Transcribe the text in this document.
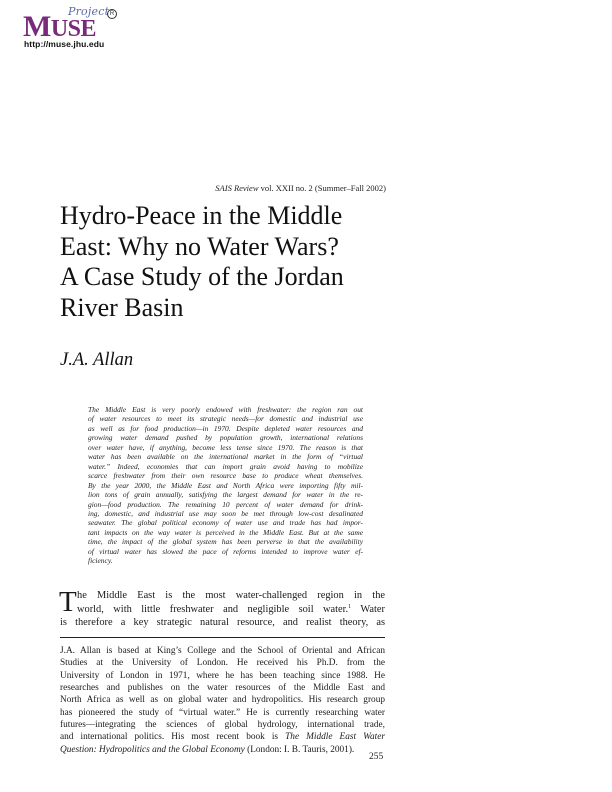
Project
MUSE
R
http://muse.jhu.edu
SAIS Review vol. XXII no. 2 (Summer–Fall 2002)
Hydro-Peace in the Middle
East: Why no Water Wars?
A Case Study of the Jordan
River Basin
J.A. Allan
The Middle East is very poorly endowed with freshwater: the region ran out
of water resources to meet its strategic needs—for domestic and industrial use
as well as for food production—in 1970. Despite depleted water resources and
growing water demand pushed by population growth, international relations
over water have, if anything, become less tense since 1970. The reason is that
water has been available on the international market in the form of “virtual
water.” Indeed, economies that can import grain avoid having to mobilize
scarce freshwater from their own resource base to produce wheat themselves.
By the year 2000, the Middle East and North Africa were importing fifty mil-
lion tons of grain annually, satisfying the largest demand for water in the re-
gion—food production. The remaining 10 percent of water demand for drink-
ing, domestic, and industrial use may soon be met through low-cost desalinated
seawater. The global political economy of water use and trade has had impor-
tant impacts on the way water is perceived in the Middle East. But at the same
time, the impact of the global system has been perverse in that the availability
of virtual water has slowed the pace of reforms intended to improve water ef-
ficiency.
T he Middle East is the most water-challenged region in the
world, with little freshwater and negligible soil water.$^1$ Water
is therefore a key strategic natural resource, and realist theory, as
J.A. Allan is based at King’s College and the School of Oriental and African
Studies at the University of London. He received his Ph.D. from the
University of London in 1971, where he has been teaching since 1988. He
researches and publishes on the water resources of the Middle East and
North Africa as well as on global water and hydropolitics. His research group
has pioneered the study of “virtual water.” He is currently researching water
futures—integrating the sciences of global hydrology, international trade,
and international politics. His most recent book is The Middle East Water
Question: Hydropolitics and the Global Economy (London: I. B. Tauris, 2001).
255
